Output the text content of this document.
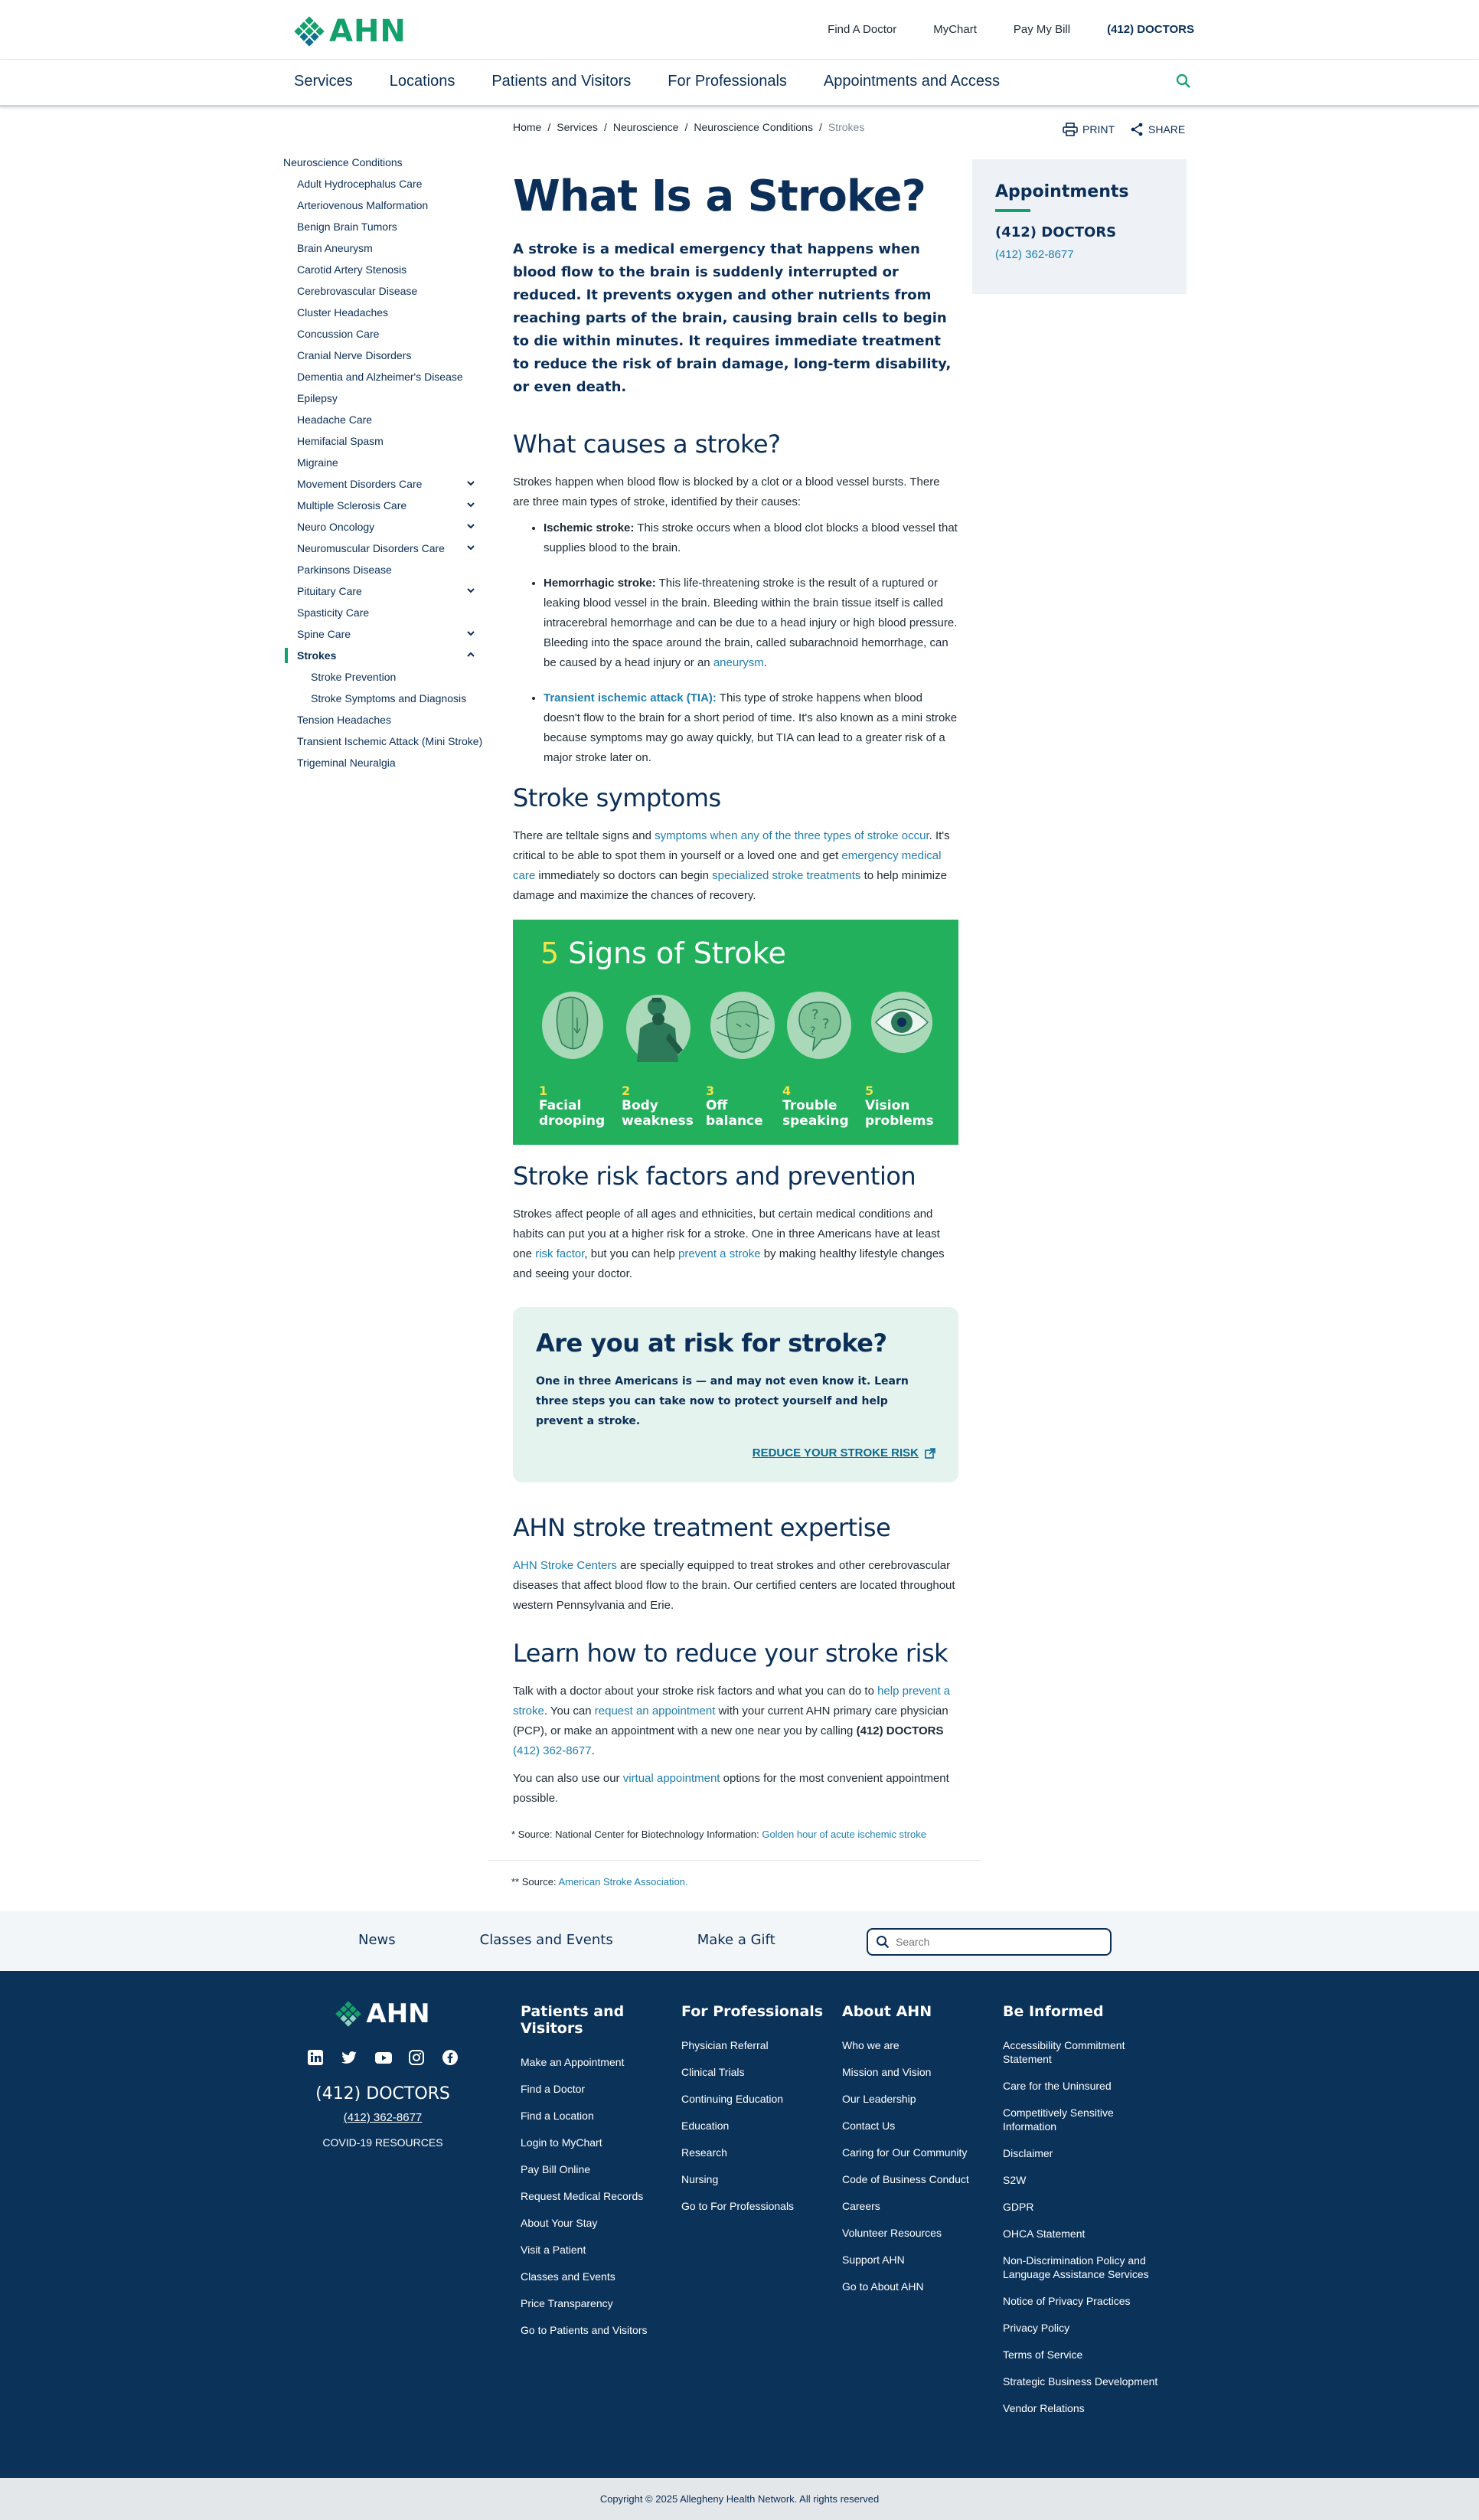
AHN	Find A Doctor	MyChart	Pay My Bill	(412) DOCTORS
Services Locations Patients and Visitors For Professionals Appointments and Access
Neuroscience Conditions
Adult Hydrocephalus Care
Arteriovenous Malformation
Benign Brain Tumors
Brain Aneurysm
Carotid Artery Stenosis
Cerebrovascular Disease
Cluster Headaches
Concussion Care
Cranial Nerve Disorders
Dementia and Alzheimer's Disease
Epilepsy
Headache Care
Hemifacial Spasm
Migraine
Movement Disorders Care
Multiple Sclerosis Care
Neuro Oncology
Neuromuscular Disorders Care
Parkinsons Disease
Pituitary Care
Spasticity Care
Spine Care
Strokes
Stroke Prevention
Stroke Symptoms and Diagnosis
Tension Headaches
Transient Ischemic Attack (Mini Stroke)
Trigeminal Neuralgia
PRINT	SHARE
Home / Services / Neuroscience / Neuroscience Conditions / Strokes
What Is a Stroke?

A stroke is a medical emergency that happens when blood flow to the brain is suddenly interrupted or reduced. It prevents oxygen and other nutrients from reaching parts of the brain, causing brain cells to begin to die within minutes. It requires immediate treatment to reduce the risk of brain damage, long-term disability, or even death.

What causes a stroke?

Strokes happen when blood flow is blocked by a clot or a blood vessel bursts. There are three main types of stroke, identified by their causes:

• Ischemic stroke: This stroke occurs when a blood clot blocks a blood vessel that supplies blood to the brain.
• Hemorrhagic stroke: This life-threatening stroke is the result of a ruptured or leaking blood vessel in the brain. Bleeding within the brain tissue itself is called intracerebral hemorrhage and can be due to a head injury or high blood pressure. Bleeding into the space around the brain, called subarachnoid hemorrhage, can be caused by a head injury or an aneurysm.
• Transient ischemic attack (TIA): This type of stroke happens when blood doesn't flow to the brain for a short period of time. It's also known as a mini stroke because symptoms may go away quickly, but TIA can lead to a greater risk of a major stroke later on.
Stroke symptoms

There are telltale signs and symptoms when any of the three types of stroke occur. It's critical to be able to spot them in yourself or a loved one and get emergency medical care immediately so doctors can begin specialized stroke treatments to help minimize damage and maximize the chances of recovery.

5 Signs of Stroke
1
Facial drooping
2
Body weakness
3
Off balance
?
?
?
4
Trouble speaking
5
Vision problems
Stroke risk factors and prevention

Strokes affect people of all ages and ethnicities, but certain medical conditions and habits can put you at a higher risk for a stroke. One in three Americans have at least one risk factor, but you can help prevent a stroke by making healthy lifestyle changes and seeing your doctor.

Are you at risk for stroke?

One in three Americans is — and may not even know it. Learn three steps you can take now to protect yourself and help prevent a stroke.

REDUCE YOUR STROKE RISK
AHN stroke treatment expertise

AHN Stroke Centers are specially equipped to treat strokes and other cerebrovascular diseases that affect blood flow to the brain. Our certified centers are located throughout western Pennsylvania and Erie.

Learn how to reduce your stroke risk

Talk with a doctor about your stroke risk factors and what you can do to help prevent a stroke. You can request an appointment with your current AHN primary care physician (PCP), or make an appointment with a new one near you by calling (412) DOCTORS (412) 362-8677.

You can also use our virtual appointment options for the most convenient appointment possible.

* Source: National Center for Biotechnology Information: Golden hour of acute ischemic stroke
** Source: American Stroke Association.
Appointments
(412) DOCTORS
(412) 362-8677
News	Classes and Events	Make a Gift
Search
AHN
(412) DOCTORS
(412) 362-8677
COVID-19 RESOURCES
Patients and Visitors
Make an Appointment
Find a Doctor
Find a Location
Login to MyChart
Pay Bill Online
Request Medical Records
About Your Stay
Visit a Patient
Classes and Events
Price Transparency
Go to Patients and Visitors
For Professionals
Physician Referral
Clinical Trials
Continuing Education
Education
Research
Nursing
Go to For Professionals
About AHN
Who we are
Mission and Vision
Our Leadership
Contact Us
Caring for Our Community
Code of Business Conduct
Careers
Volunteer Resources
Support AHN
Go to About AHN
Be Informed
Accessibility Commitment Statement
Care for the Uninsured
Competitively Sensitive Information
Disclaimer
S2W
GDPR
OHCA Statement
Non-Discrimination Policy and Language Assistance Services
Notice of Privacy Practices
Privacy Policy
Terms of Service
Strategic Business Development
Vendor Relations
Copyright © 2025 Allegheny Health Network. All rights reserved
